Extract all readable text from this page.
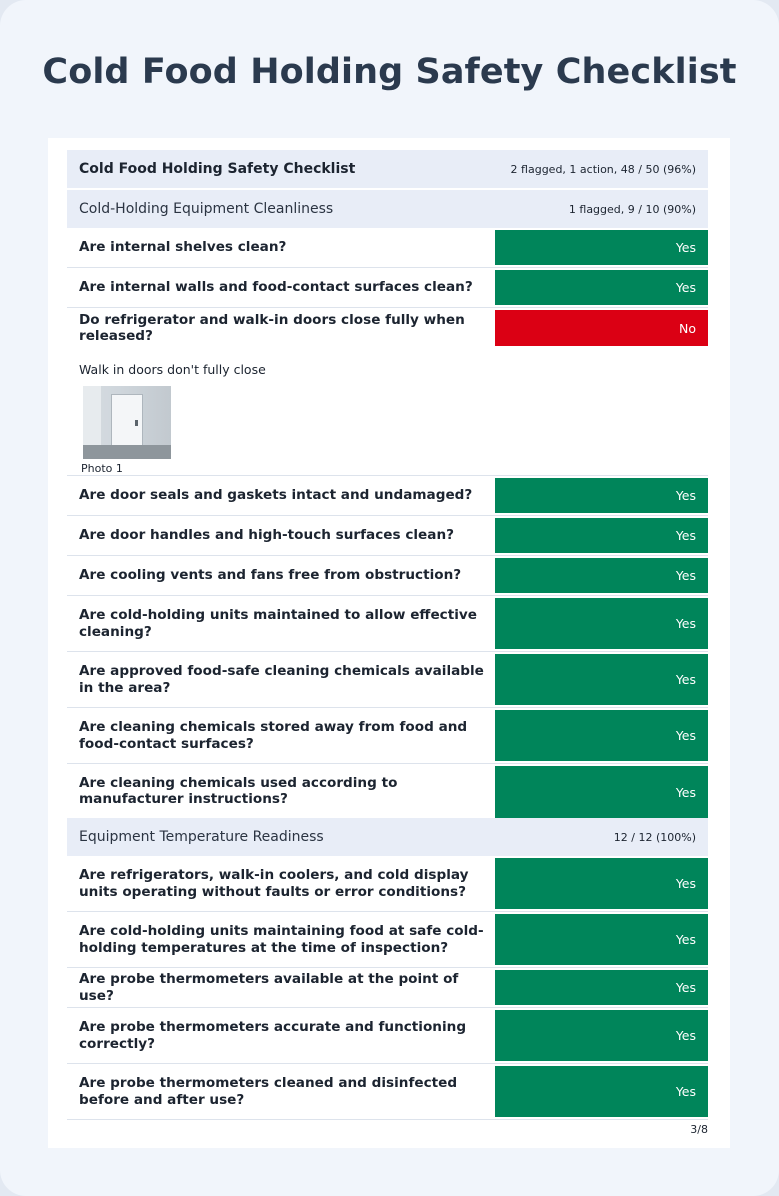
Cold Food Holding Safety Checklist
Cold Food Holding Safety Checklist	2 flagged, 1 action, 48 / 50 (96%)
Cold-Holding Equipment Cleanliness	1 flagged, 9 / 10 (90%)
Are internal shelves clean?	Yes
Are internal walls and food-contact surfaces clean?	Yes
Do refrigerator and walk-in doors close fully when released?	No
Walk in doors don't fully close
Photo 1
Are door seals and gaskets intact and undamaged?	Yes
Are door handles and high-touch surfaces clean?	Yes
Are cooling vents and fans free from obstruction?	Yes
Are cold-holding units maintained to allow effective cleaning?	Yes
Are approved food-safe cleaning chemicals available in the area?	Yes
Are cleaning chemicals stored away from food and food-contact surfaces?	Yes
Are cleaning chemicals used according to manufacturer instructions?	Yes
Equipment Temperature Readiness	12 / 12 (100%)
Are refrigerators, walk-in coolers, and cold display units operating without faults or error conditions?	Yes
Are cold-holding units maintaining food at safe cold-holding temperatures at the time of inspection?	Yes
Are probe thermometers available at the point of use?	Yes
Are probe thermometers accurate and functioning correctly?	Yes
Are probe thermometers cleaned and disinfected before and after use?	Yes
3/8
